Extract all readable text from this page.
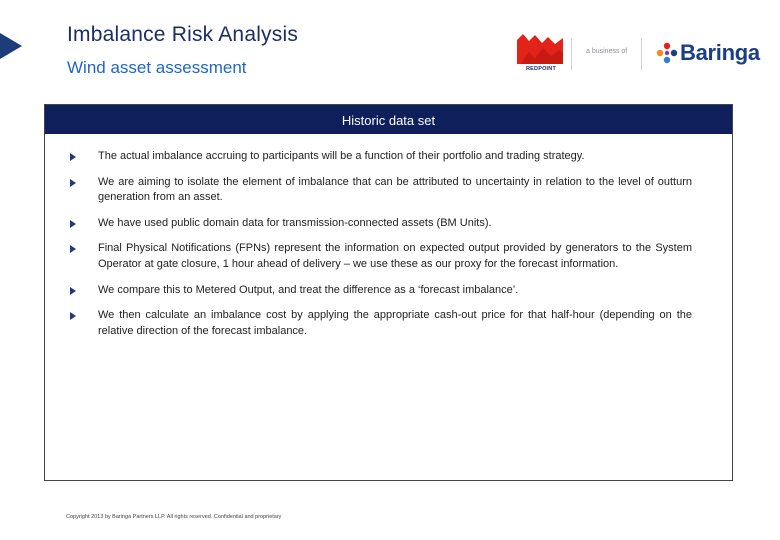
Imbalance Risk Analysis
Wind asset assessment	REDPOINT
a business of Baringa
Historic data set
The actual imbalance accruing to participants will be a function of their portfolio and trading strategy.
We are aiming to isolate the element of imbalance that can be attributed to uncertainty in relation to the level of outturn generation from an asset.
We have used public domain data for transmission-connected assets (BM Units).
Final Physical Notifications (FPNs) represent the information on expected output provided by generators to the System Operator at gate closure, 1 hour ahead of delivery – we use these as our proxy for the forecast information.
We compare this to Metered Output, and treat the difference as a ‘forecast imbalance’.
We then calculate an imbalance cost by applying the appropriate cash-out price for that half-hour (depending on the relative direction of the forecast imbalance.
Copyright 2013 by Baringa Partners LLP. All rights reserved. Confidential and proprietary
